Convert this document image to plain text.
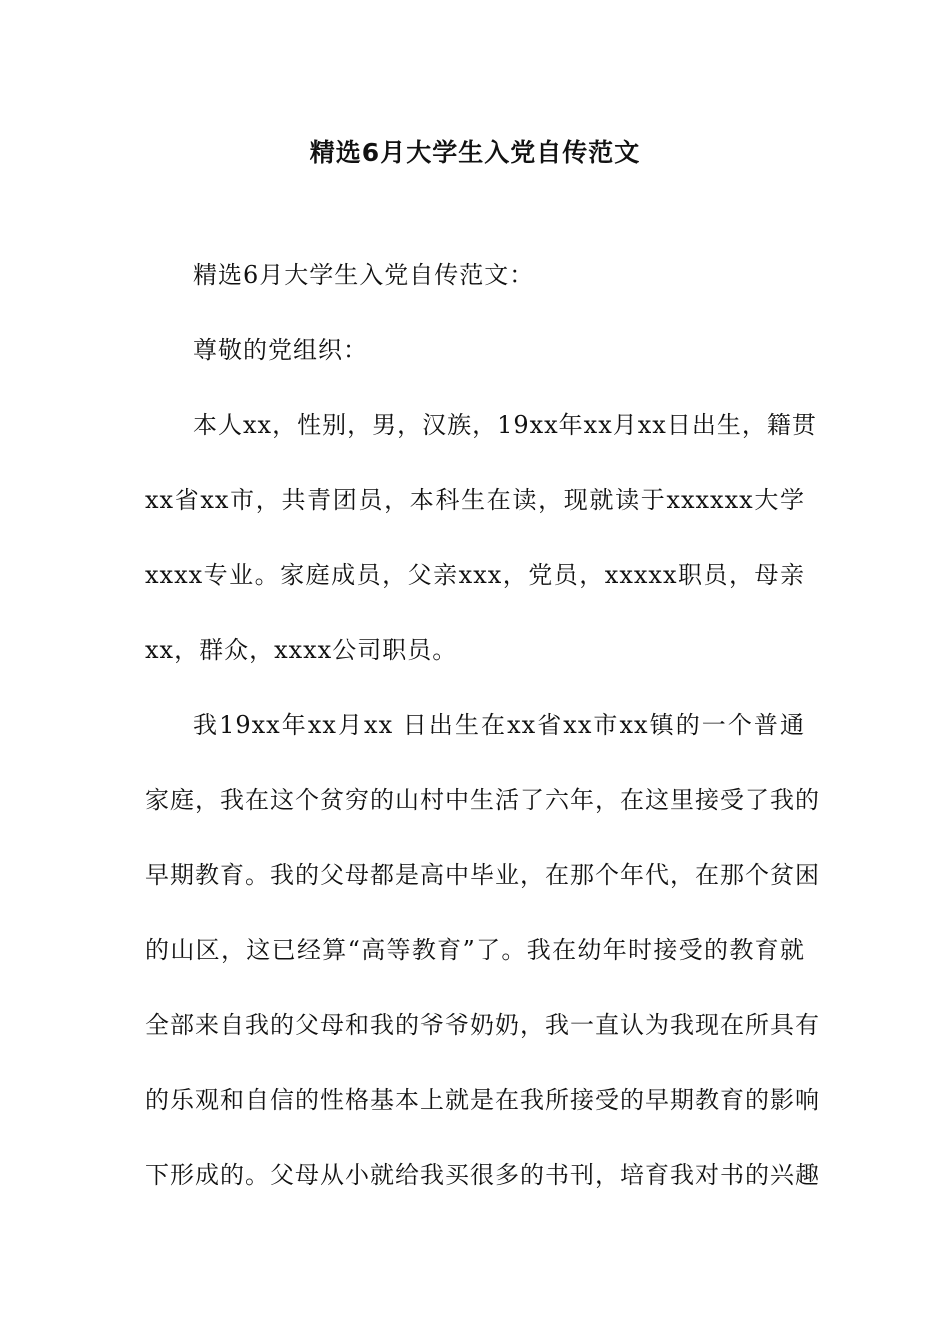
精选6月大学生入党自传范文
精选6月大学生入党自传范文：
尊敬的党组织：
本人xx，性别，男，汉族，19xx年xx月xx日出生，籍贯
xx省xx市，共青团员，本科生在读，现就读于xxxxxx大学
xxxx专业。家庭成员，父亲xxx，党员，xxxxx职员，母亲
xx，群众，xxxx公司职员。
我19xx年xx月xx 日出生在xx省xx市xx镇的一个普通
家庭，我在这个贫穷的山村中生活了六年，在这里接受了我的
早期教育。我的父母都是高中毕业，在那个年代，在那个贫困
的山区，这已经算“高等教育”了。我在幼年时接受的教育就
全部来自我的父母和我的爷爷奶奶，我一直认为我现在所具有
的乐观和自信的性格基本上就是在我所接受的早期教育的影响
下形成的。父母从小就给我买很多的书刊，培育我对书的兴趣
